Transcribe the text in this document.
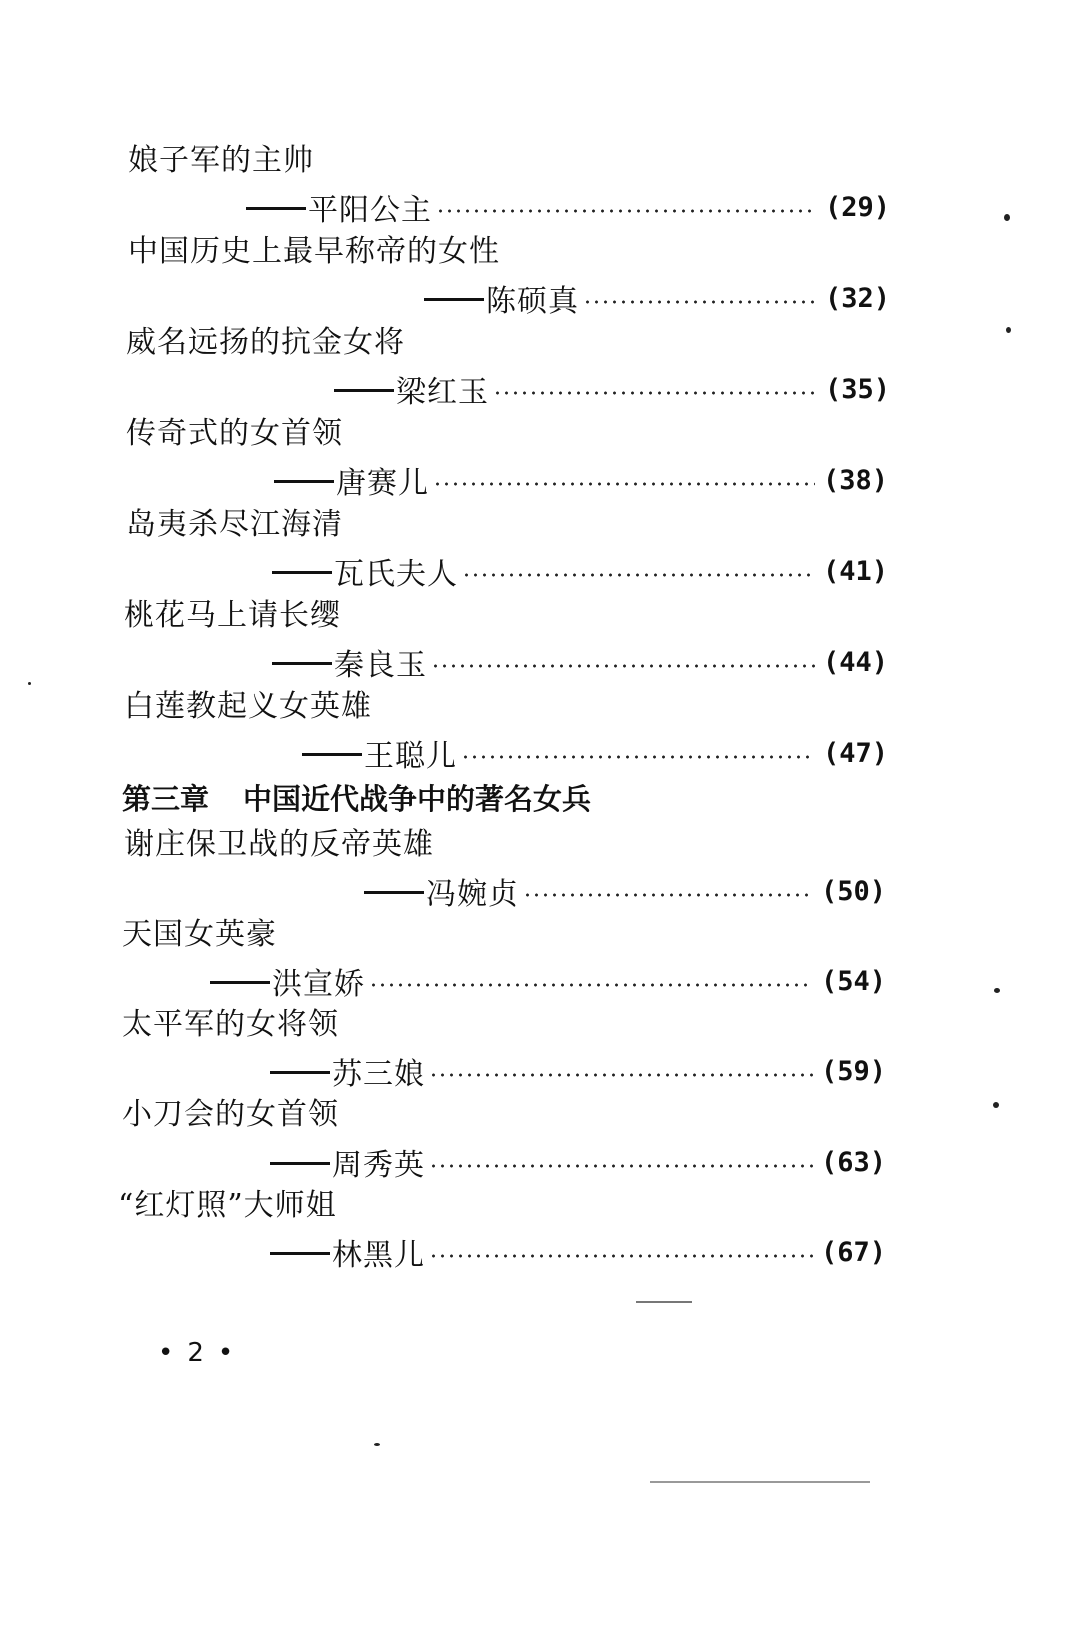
娘子军的主帅
平阳公主	(29)
中国历史上最早称帝的女性
陈硕真	(32)
威名远扬的抗金女将
梁红玉	(35)
传奇式的女首领
唐赛儿	(38)
岛夷杀尽江海清
瓦氏夫人	(41)
桃花马上请长缨
秦良玉	(44)
白莲教起义女英雄
王聪儿	(47)
第三章 中国近代战争中的著名女兵
谢庄保卫战的反帝英雄
冯婉贞	(50)
天国女英豪
洪宣娇	(54)
太平军的女将领
苏三娘	(59)
小刀会的女首领
周秀英	(63)
“红灯照”大师姐
林黑儿	(67)
• 2 •
